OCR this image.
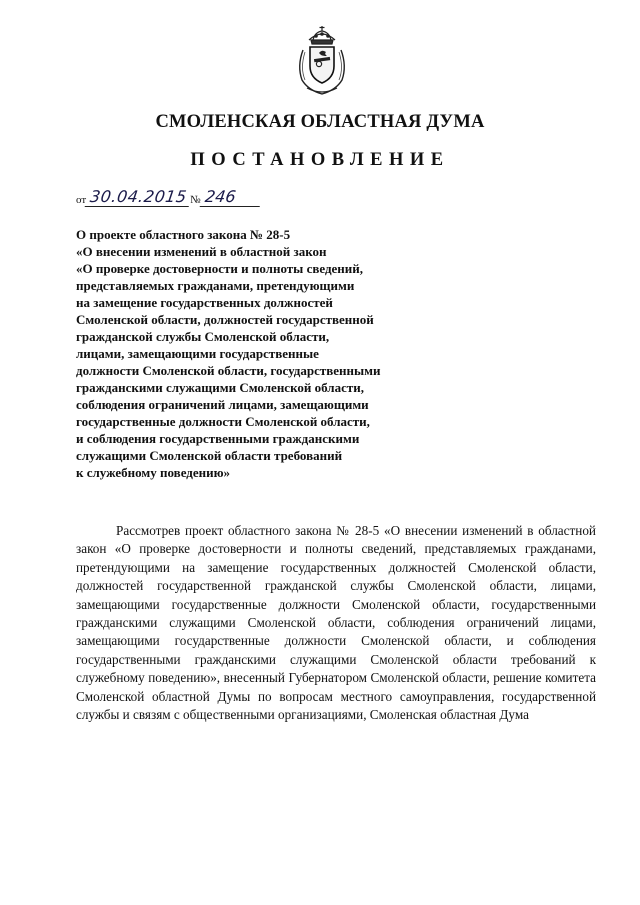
СМОЛЕНСКАЯ ОБЛАСТНАЯ ДУМА
ПОСТАНОВЛЕНИЕ
от 30.04.2015 № 246
О проекте областного закона № 28-5
«О внесении изменений в областной закон
«О проверке достоверности и полноты сведений,
представляемых гражданами, претендующими
на замещение государственных должностей
Смоленской области, должностей государственной
гражданской службы Смоленской области,
лицами, замещающими государственные
должности Смоленской области, государственными
гражданскими служащими Смоленской области,
соблюдения ограничений лицами, замещающими
государственные должности Смоленской области,
и соблюдения государственными гражданскими
служащими Смоленской области требований
к служебному поведению»

Рассмотрев проект областного закона № 28-5 «О внесении изменений в областной закон «О проверке достоверности и полноты сведений, представляемых гражданами, претендующими на замещение государственных должностей Смоленской области, должностей государственной гражданской службы Смоленской области, лицами, замещающими государственные должности Смоленской области, государственными гражданскими служащими Смоленской области, соблюдения ограничений лицами, замещающими государственные должности Смоленской области, и соблюдения государственными гражданскими служащими Смоленской области требований к служебному поведению», внесенный Губернатором Смоленской области, решение комитета Смоленской областной Думы по вопросам местного самоуправления, государственной службы и связям с общественными организациями, Смоленская областная Дума
